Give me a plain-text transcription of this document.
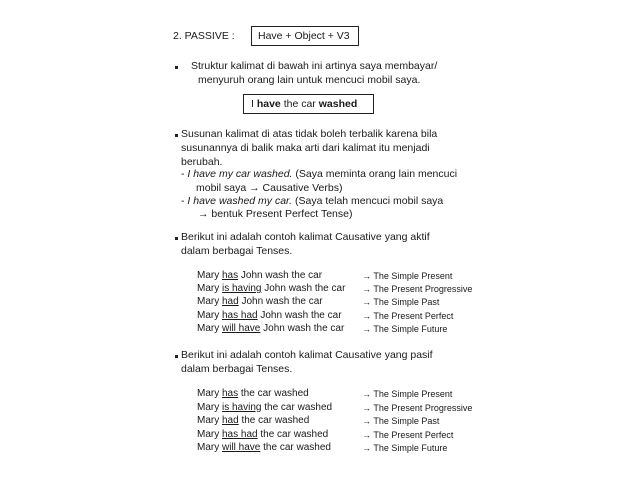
2. PASSIVE : Have + Object + V3
Struktur kalimat di bawah ini artinya saya membayar/
menyuruh orang lain untuk mencuci mobil saya.
I have the car washed
Susunan kalimat di atas tidak boleh terbalik karena bila
susunannya di balik maka arti dari kalimat itu menjadi
berubah.
- I have my car washed. (Saya meminta orang lain mencuci
mobil saya → Causative Verbs)
- I have washed my car. (Saya telah mencuci mobil saya
→ bentuk Present Perfect Tense)
Berikut ini adalah contoh kalimat Causative yang aktif
dalam berbagai Tenses.
Mary has John wash the car	→ The Simple Present
Mary is having John wash the car → The Present Progressive
Mary had John wash the car	→ The Simple Past
Mary has had John wash the car → The Present Perfect
Mary will have John wash the car → The Simple Future
Berikut ini adalah contoh kalimat Causative yang pasif
dalam berbagai Tenses.
Mary has the car washed	→ The Simple Present
Mary is having the car washed	→ The Present Progressive
Mary had the car washed	→ The Simple Past
Mary has had the car washed	→ The Present Perfect
Mary will have the car washed	→ The Simple Future
